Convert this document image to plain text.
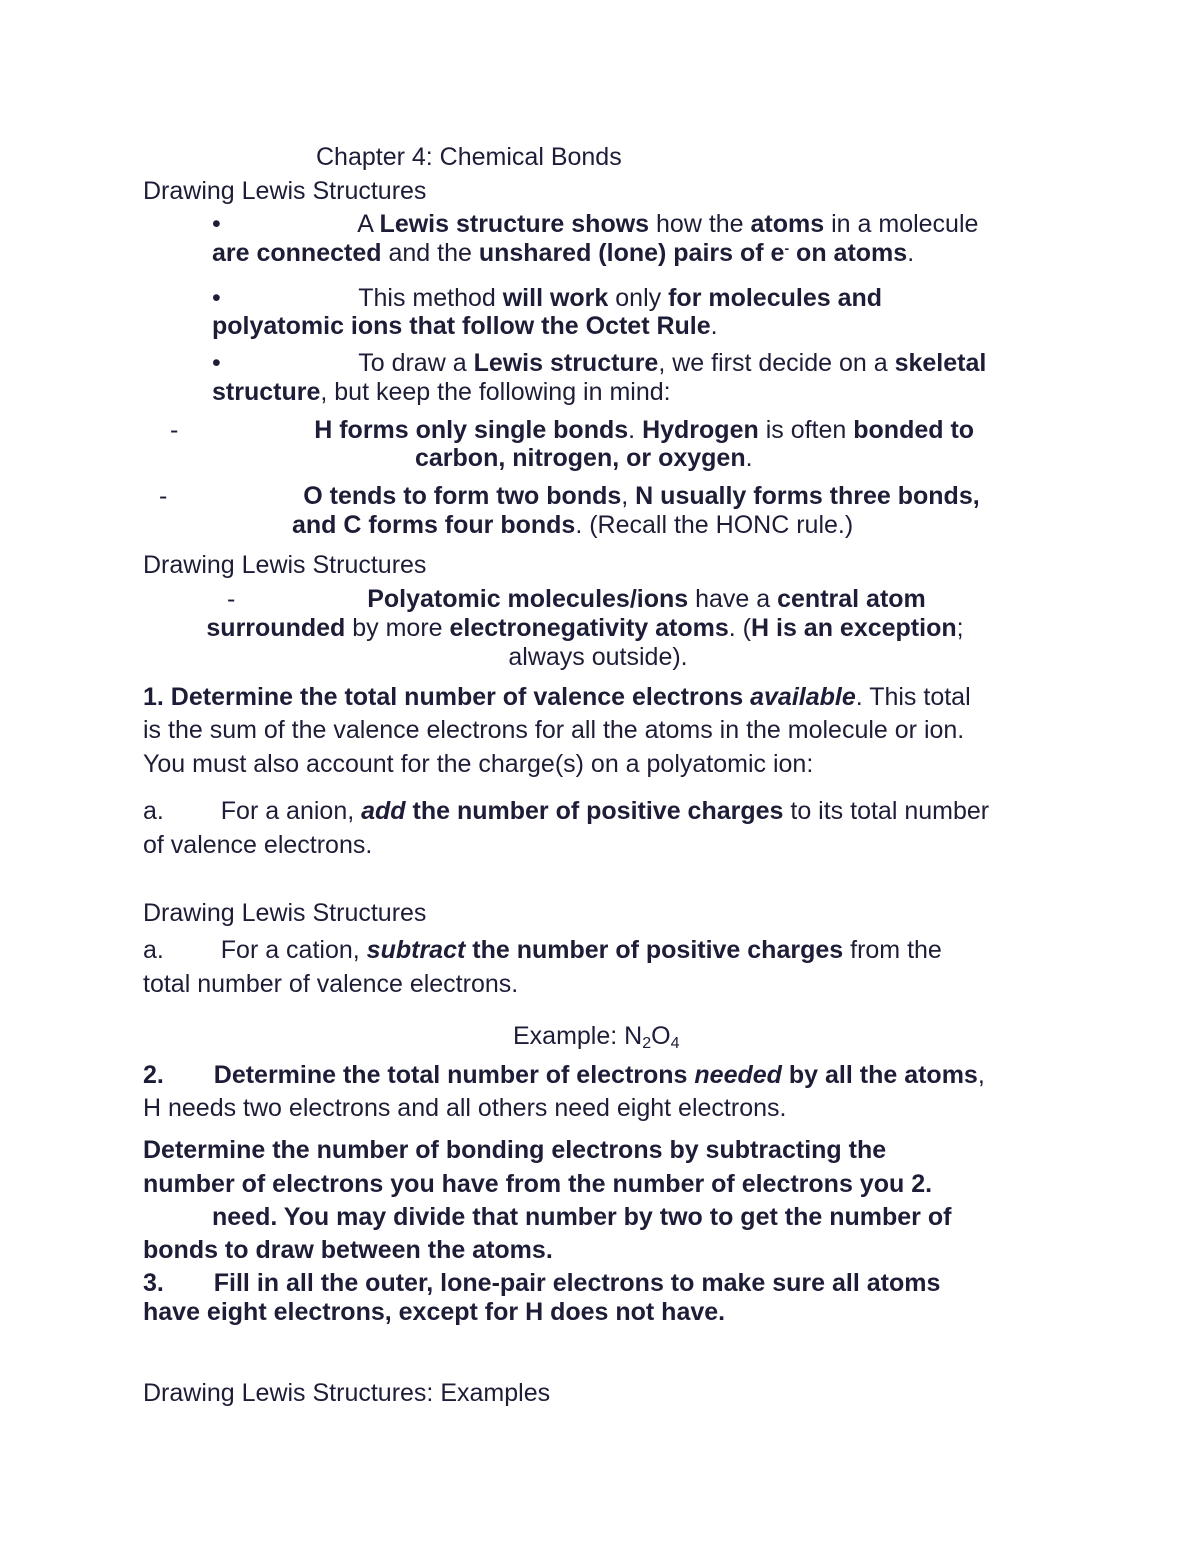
Chapter 4: Chemical Bonds
Drawing Lewis Structures
•	A Lewis structure shows how the atoms in a molecule
are connected and the unshared (lone) pairs of e- on atoms.
•	This method will work only for molecules and
polyatomic ions that follow the Octet Rule.
•	To draw a Lewis structure, we first decide on a skeletal
structure, but keep the following in mind:
-	H forms only single bonds. Hydrogen is often bonded to
carbon, nitrogen, or oxygen.
-	O tends to form two bonds, N usually forms three bonds,
and C forms four bonds. (Recall the HONC rule.)
Drawing Lewis Structures
-	Polyatomic molecules/ions have a central atom
surrounded by more electronegativity atoms. (H is an exception;
always outside).
1. Determine the total number of valence electrons available. This total
is the sum of the valence electrons for all the atoms in the molecule or ion.
You must also account for the charge(s) on a polyatomic ion:
a. For a anion, add the number of positive charges to its total number
of valence electrons.
Drawing Lewis Structures
a. For a cation, subtract the number of positive charges from the
total number of valence electrons.
Example: $N_2O_4$
2. Determine the total number of electrons needed by all the atoms,
H needs two electrons and all others need eight electrons.
Determine the number of bonding electrons by subtracting the
number of electrons you have from the number of electrons you 2.
need. You may divide that number by two to get the number of
bonds to draw between the atoms.
3. Fill in all the outer, lone-pair electrons to make sure all atoms
have eight electrons, except for H does not have.
Drawing Lewis Structures: Examples
